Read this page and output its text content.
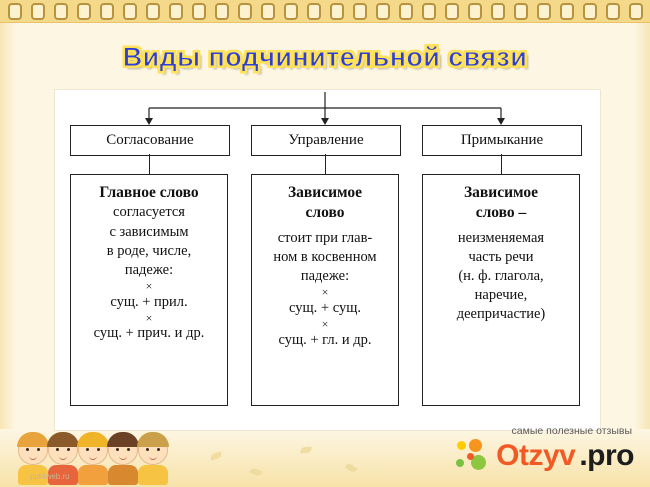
Виды подчинительной связи
Согласование	Управление	Примыкание
Главное слово
согласуется
с зависимым
в роде, числе,
падеже:
×
сущ. + прил.
×
сущ. + прич. и др.
Зависимое
слово
стоит при глав-
ном в косвенном
падеже:
×
сущ. + сущ.
×
сущ. + гл. и др.
Зависимое
слово –
неизменяемая
часть речи
(н. ф. глагола,
наречие,
деепричастие)
ppt4web.ru
самые полезные отзывы
Otzyv .pro
